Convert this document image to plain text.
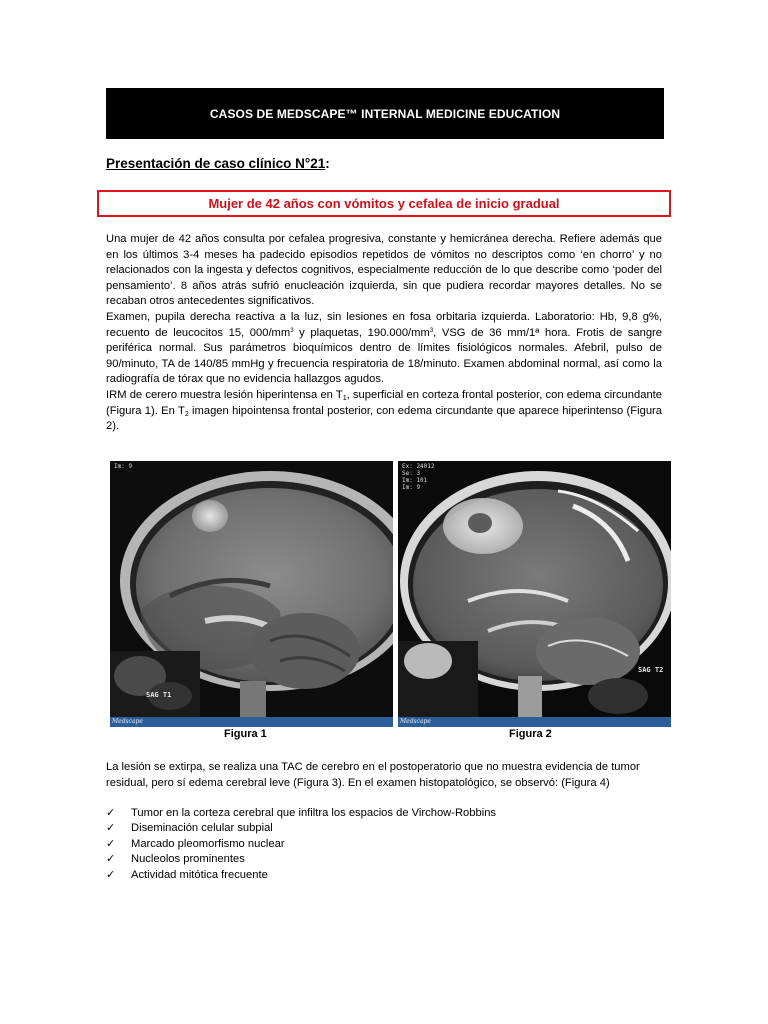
CASOS DE MEDSCAPE™ INTERNAL MEDICINE EDUCATION
Presentación de caso clínico N°21:
Mujer de 42 años con vómitos y cefalea de inicio gradual

Una mujer de 42 años consulta por cefalea progresiva, constante y hemicránea derecha. Refiere además que en los últimos 3-4 meses ha padecido episodios repetidos de vómitos no descriptos como ‘en chorro’ y no relacionados con la ingesta y defectos cognitivos, especialmente reducción de lo que describe como ‘poder del pensamiento’. 8 años atrás sufrió enucleación izquierda, sin que pudiera recordar mayores detalles. No se recaban otros antecedentes significativos.

Examen, pupila derecha reactiva a la luz, sin lesiones en fosa orbitaria izquierda. Laboratorio: Hb, 9,8 g%, recuento de leucocitos 15, $000/mm^3$ y plaquetas, $190.000/mm^3$, VSG de 36 mm/1ª hora. Frotis de sangre periférica normal. Sus parámetros bioquímicos dentro de límites fisiológicos normales. Afebril, pulso de 90/minuto, TA de 140/85 mmHg y frecuencia respiratoria de 18/minuto. Examen abdominal normal, así como la radiografía de tórax que no evidencia hallazgos agudos.

IRM de cerero muestra lesión hiperintensa en $T_1$, superficial en corteza frontal posterior, con edema circundante (Figura 1). En $T_2$ imagen hipointensa frontal posterior, con edema circundante que aparece hiperintenso (Figura 2).

Im: 9
SAG T1
Medscape
Ex: 24012
Se: 3
Im: 101
Im: 9
SAG T2
Medscape
Figura 1	Figura 2

La lesión se extirpa, se realiza una TAC de cerebro en el postoperatorio que no muestra evidencia de tumor residual, pero sí edema cerebral leve (Figura 3). En el examen histopatológico, se observó: (Figura 4)

✓	Tumor en la corteza cerebral que infiltra los espacios de Virchow-Robbins
✓	Diseminación celular subpial
✓	Marcado pleomorfismo nuclear
✓	Nucleolos prominentes
✓	Actividad mitótica frecuente
